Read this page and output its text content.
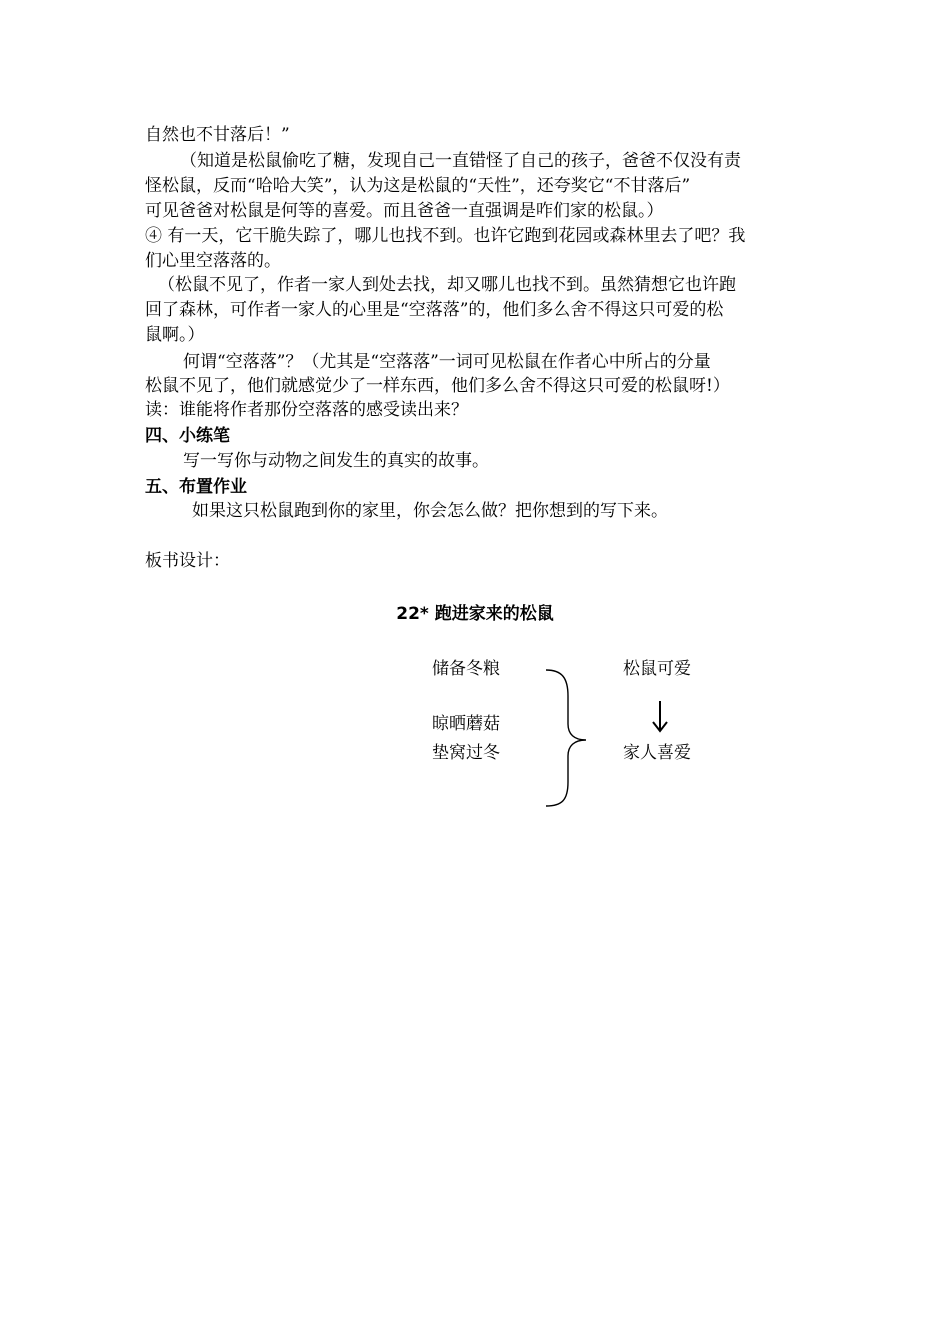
自然也不甘落后！”
（知道是松鼠偷吃了糖，发现自己一直错怪了自己的孩子，爸爸不仅没有责
怪松鼠，反而“哈哈大笑”，认为这是松鼠的“天性”，还夸奖它“不甘落后”
可见爸爸对松鼠是何等的喜爱。而且爸爸一直强调是咋们家的松鼠。）
④ 有一天，它干脆失踪了，哪儿也找不到。也许它跑到花园或森林里去了吧？我
们心里空落落的。
（松鼠不见了，作者一家人到处去找，却又哪儿也找不到。虽然猜想它也许跑
回了森林，可作者一家人的心里是“空落落”的，他们多么舍不得这只可爱的松
鼠啊。）
何谓“空落落”？（尤其是“空落落”一词可见松鼠在作者心中所占的分量
松鼠不见了，他们就感觉少了一样东西，他们多么舍不得这只可爱的松鼠呀!）
读：谁能将作者那份空落落的感受读出来？
四、小练笔
写一写你与动物之间发生的真实的故事。
五、布置作业
如果这只松鼠跑到你的家里，你会怎么做？把你想到的写下来。
板书设计：
22* 跑进家来的松鼠
储备冬粮
晾晒蘑菇
垫窝过冬
松鼠可爱
家人喜爱
